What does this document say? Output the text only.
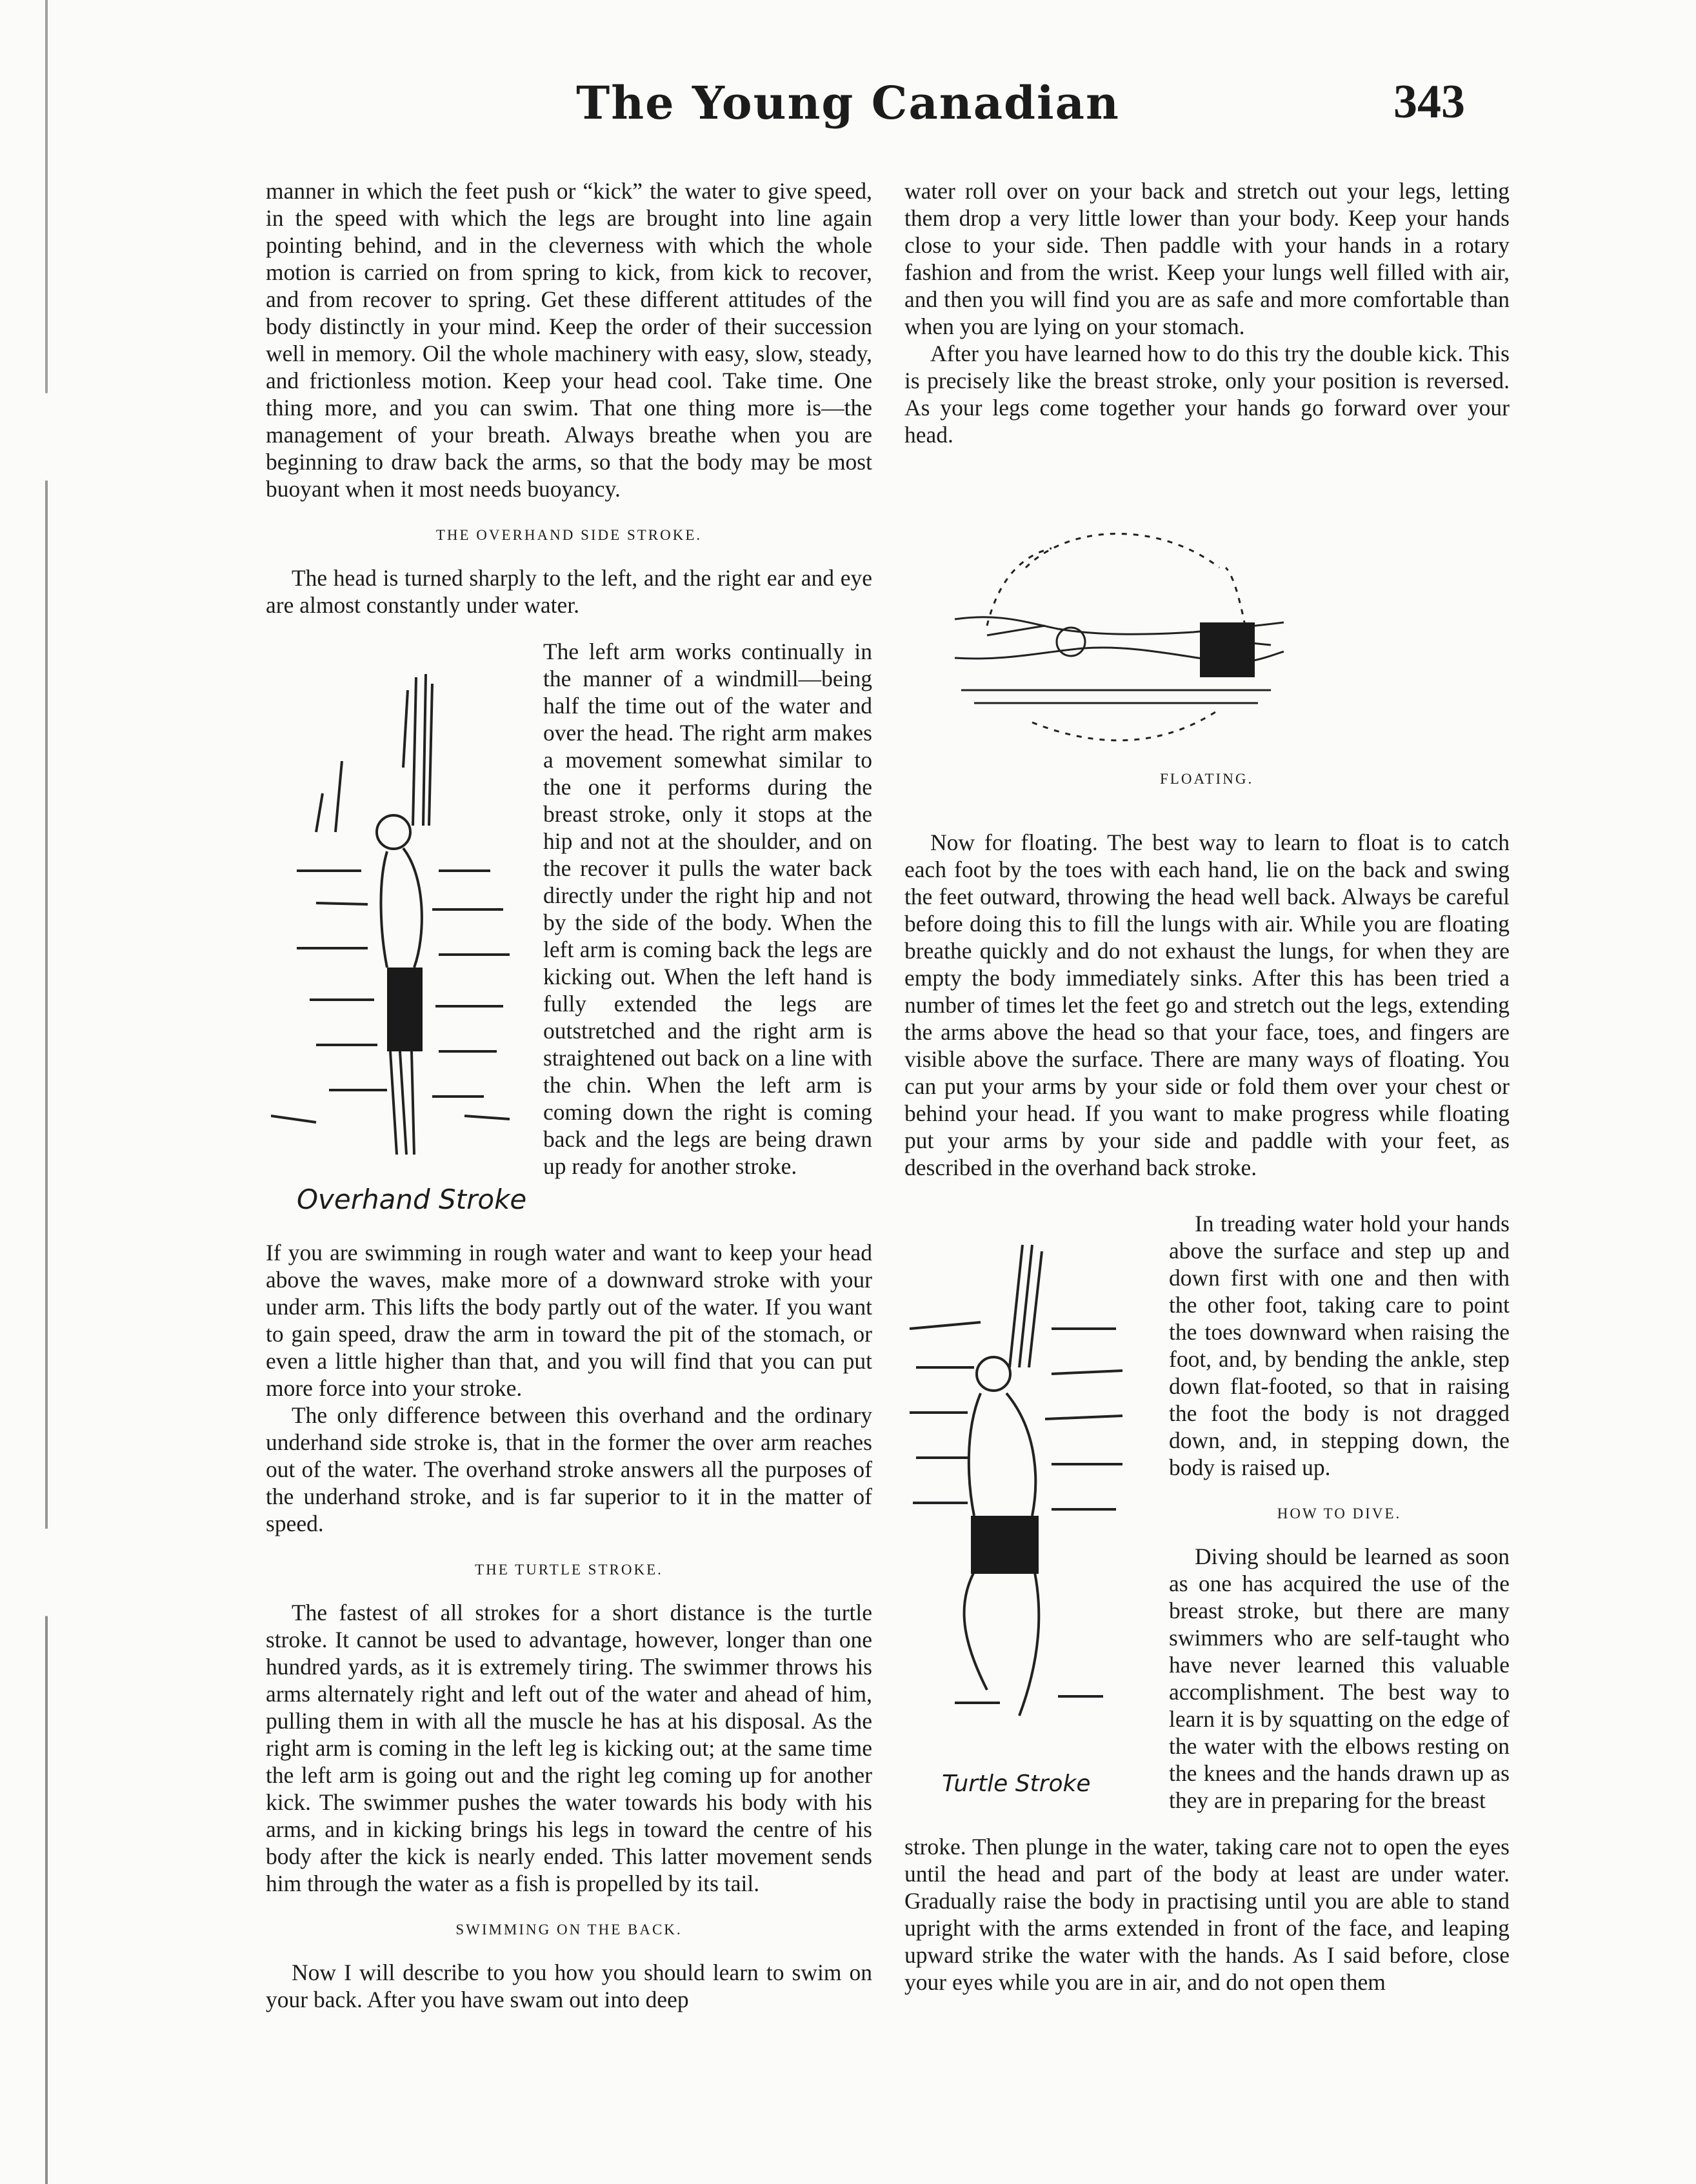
The Young Canadian	343

manner in which the feet push or “kick” the water to give speed, in the speed with which the legs are brought into line again pointing behind, and in the cleverness with which the whole motion is carried on from spring to kick, from kick to recover, and from recover to spring. Get these different attitudes of the body distinctly in your mind. Keep the order of their succession well in memory. Oil the whole machinery with easy, slow, steady, and frictionless motion. Keep your head cool. Take time. One thing more, and you can swim. That one thing more is—the management of your breath. Always breathe when you are beginning to draw back the arms, so that the body may be most buoyant when it most needs buoyancy.

THE OVERHAND SIDE STROKE.

The head is turned sharply to the left, and the right ear and eye are almost constantly under water.

Overhand Stroke

The left arm works continually in the manner of a windmill—being half the time out of the water and over the head. The right arm makes a movement somewhat similar to the one it performs during the breast stroke, only it stops at the hip and not at the shoulder, and on the recover it pulls the water back directly under the right hip and not by the side of the body. When the left arm is coming back the legs are kicking out. When the left hand is fully extended the legs are outstretched and the right arm is straightened out back on a line with the chin. When the left arm is coming down the right is coming back and the legs are being drawn up ready for another stroke.

If you are swimming in rough water and want to keep your head above the waves, make more of a downward stroke with your under arm. This lifts the body partly out of the water. If you want to gain speed, draw the arm in toward the pit of the stomach, or even a little higher than that, and you will find that you can put more force into your stroke.

The only difference between this overhand and the ordinary underhand side stroke is, that in the former the over arm reaches out of the water. The overhand stroke answers all the purposes of the underhand stroke, and is far superior to it in the matter of speed.

THE TURTLE STROKE.

The fastest of all strokes for a short distance is the turtle stroke. It cannot be used to advantage, however, longer than one hundred yards, as it is extremely tiring. The swimmer throws his arms alternately right and left out of the water and ahead of him, pulling them in with all the muscle he has at his disposal. As the right arm is coming in the left leg is kicking out; at the same time the left arm is going out and the right leg coming up for another kick. The swimmer pushes the water towards his body with his arms, and in kicking brings his legs in toward the centre of his body after the kick is nearly ended. This latter movement sends him through the water as a fish is propelled by its tail.

SWIMMING ON THE BACK.

Now I will describe to you how you should learn to swim on your back. After you have swam out into deep

water roll over on your back and stretch out your legs, letting them drop a very little lower than your body. Keep your hands close to your side. Then paddle with your hands in a rotary fashion and from the wrist. Keep your lungs well filled with air, and then you will find you are as safe and more comfortable than when you are lying on your stomach.

After you have learned how to do this try the double kick. This is precisely like the breast stroke, only your position is reversed. As your legs come together your hands go forward over your head.

FLOATING.

Now for floating. The best way to learn to float is to catch each foot by the toes with each hand, lie on the back and swing the feet outward, throwing the head well back. Always be careful before doing this to fill the lungs with air. While you are floating breathe quickly and do not exhaust the lungs, for when they are empty the body immediately sinks. After this has been tried a number of times let the feet go and stretch out the legs, extending the arms above the head so that your face, toes, and fingers are visible above the surface. There are many ways of floating. You can put your arms by your side or fold them over your chest or behind your head. If you want to make progress while floating put your arms by your side and paddle with your feet, as described in the overhand back stroke.

Turtle Stroke

In treading water hold your hands above the surface and step up and down first with one and then with the other foot, taking care to point the toes downward when raising the foot, and, by bending the ankle, step down flat-footed, so that in raising the foot the body is not dragged down, and, in stepping down, the body is raised up.

HOW TO DIVE.

Diving should be learned as soon as one has acquired the use of the breast stroke, but there are many swimmers who are self-taught who have never learned this valuable accomplishment. The best way to learn it is by squatting on the edge of the water with the elbows resting on the knees and the hands drawn up as they are in preparing for the breast

stroke. Then plunge in the water, taking care not to open the eyes until the head and part of the body at least are under water. Gradually raise the body in practising until you are able to stand upright with the arms extended in front of the face, and leaping upward strike the water with the hands. As I said before, close your eyes while you are in air, and do not open them
